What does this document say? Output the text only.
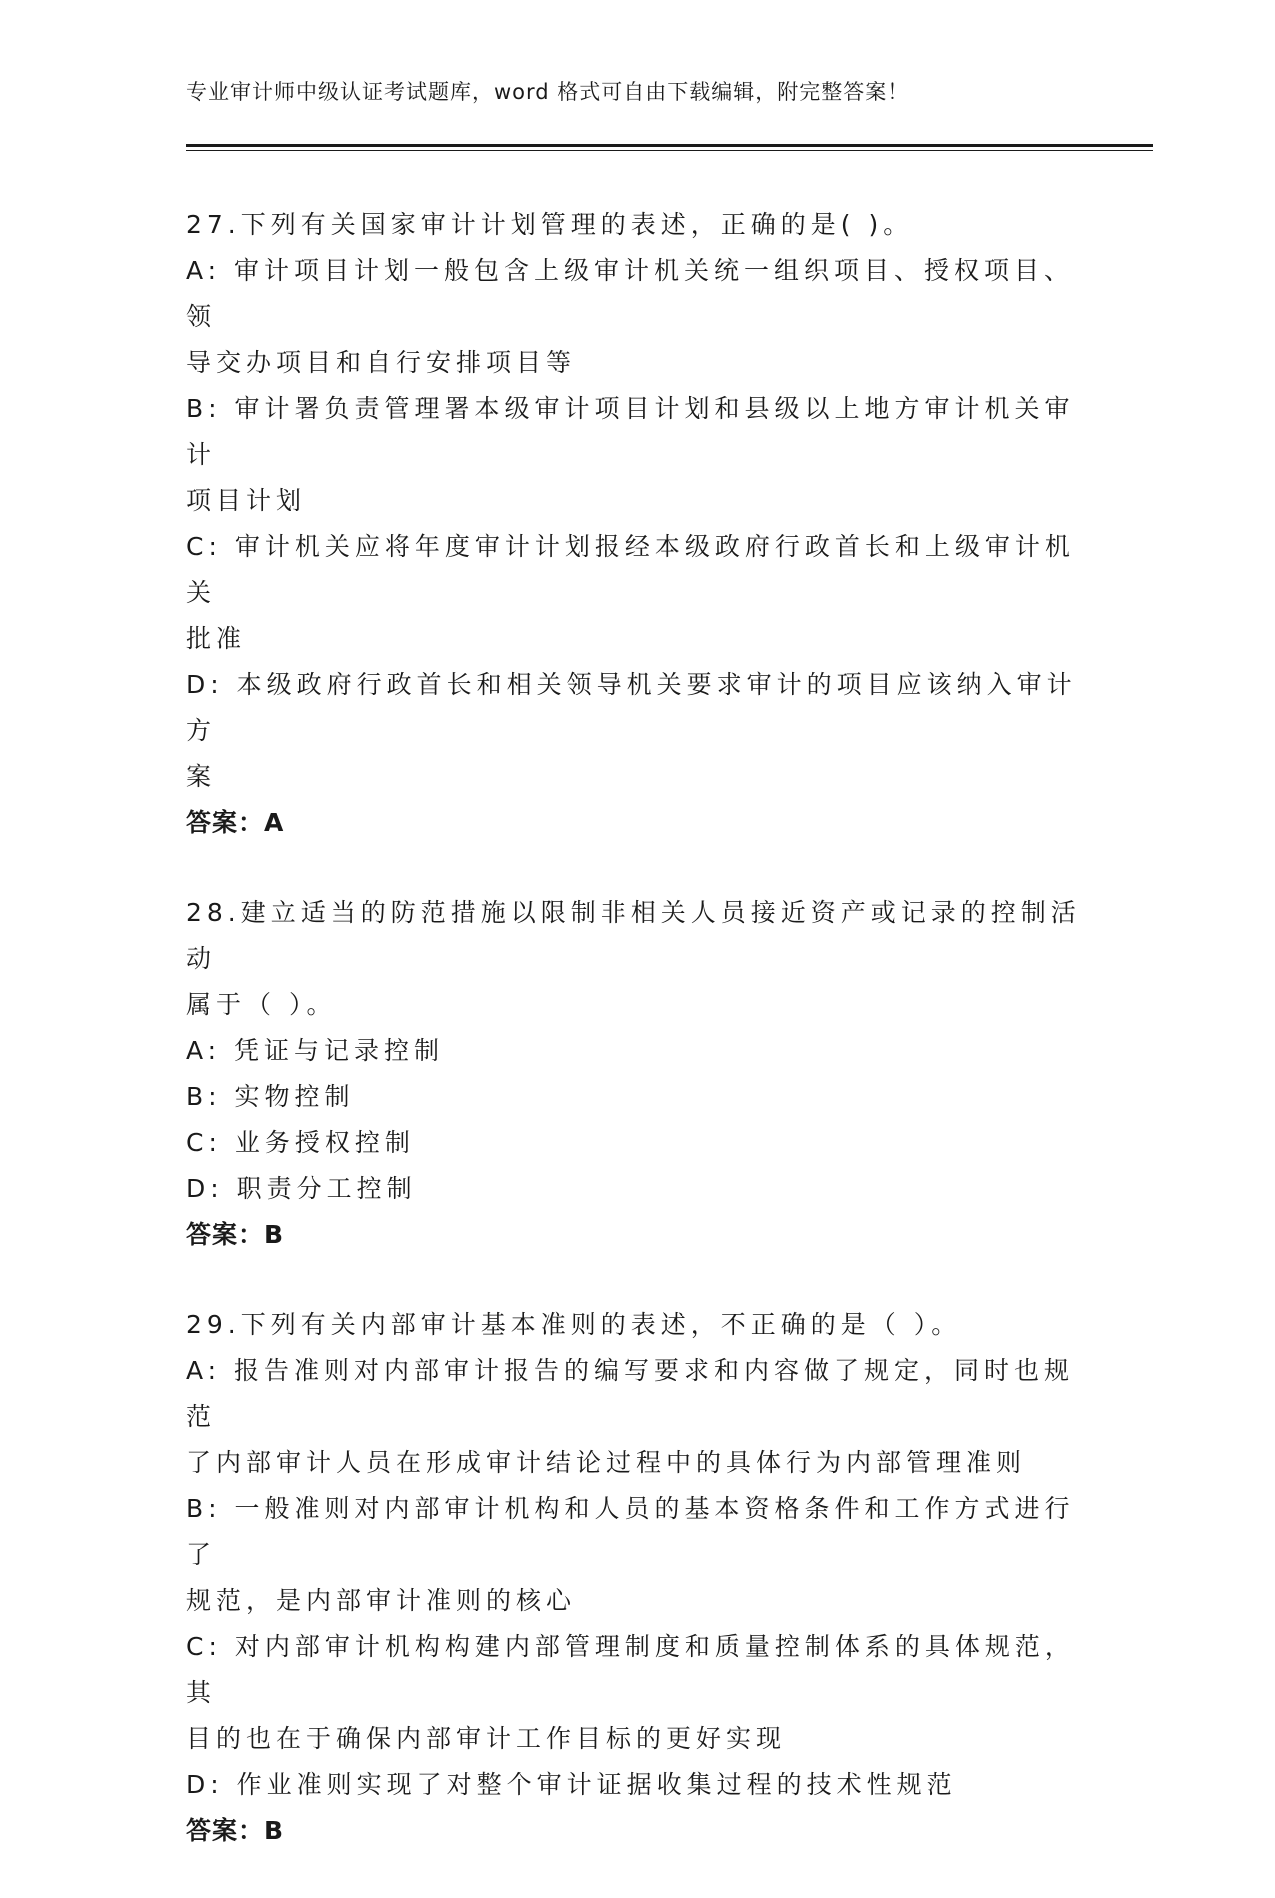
专业审计师中级认证考试题库，word 格式可自由下载编辑，附完整答案！
27.下列有关国家审计计划管理的表述，正确的是( )。
A: 审计项目计划一般包含上级审计机关统一组织项目、授权项目、领
导交办项目和自行安排项目等
B: 审计署负责管理署本级审计项目计划和县级以上地方审计机关审计
项目计划
C: 审计机关应将年度审计计划报经本级政府行政首长和上级审计机关
批准
D: 本级政府行政首长和相关领导机关要求审计的项目应该纳入审计方
案
答案：A
28.建立适当的防范措施以限制非相关人员接近资产或记录的控制活动
属于（ ）。
A: 凭证与记录控制
B: 实物控制
C: 业务授权控制
D: 职责分工控制
答案：B
29.下列有关内部审计基本准则的表述，不正确的是（ ）。
A: 报告准则对内部审计报告的编写要求和内容做了规定，同时也规范
了内部审计人员在形成审计结论过程中的具体行为内部管理准则
B: 一般准则对内部审计机构和人员的基本资格条件和工作方式进行了
规范，是内部审计准则的核心
C: 对内部审计机构构建内部管理制度和质量控制体系的具体规范，其
目的也在于确保内部审计工作目标的更好实现
D: 作业准则实现了对整个审计证据收集过程的技术性规范
答案：B
